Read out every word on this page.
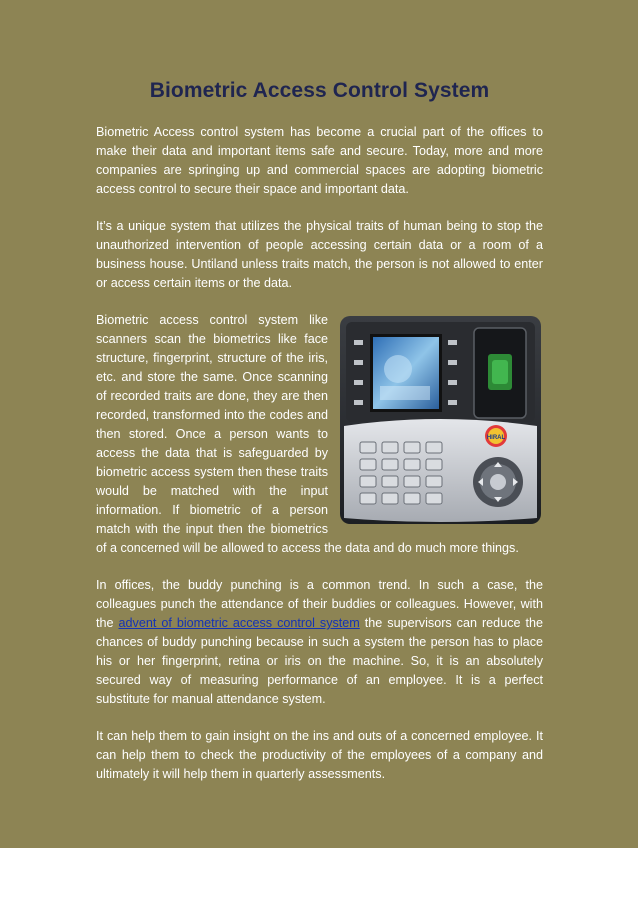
Biometric Access Control System

Biometric Access control system has become a crucial part of the offices to make their data and important items safe and secure. Today, more and more companies are springing up and commercial spaces are adopting biometric access control to secure their space and important data.

It’s a unique system that utilizes the physical traits of human being to stop the unauthorized intervention of people accessing certain data or a room of a business house. Untiland unless traits match, the person is not allowed to enter or access certain items or the data.

HIRAL

Biometric access control system like scanners scan the biometrics like face structure, fingerprint, structure of the iris, etc. and store the same. Once scanning of recorded traits are done, they are then recorded, transformed into the codes and then stored. Once a person wants to access the data that is safeguarded by biometric access system then these traits would be matched with the input information. If biometric of a person match with the input then the biometrics of a concerned will be allowed to access the data and do much more things.

In offices, the buddy punching is a common trend. In such a case, the colleagues punch the attendance of their buddies or colleagues. However, with the advent of biometric access control system the supervisors can reduce the chances of buddy punching because in such a system the person has to place his or her fingerprint, retina or iris on the machine. So, it is an absolutely secured way of measuring performance of an employee. It is a perfect substitute for manual attendance system.

It can help them to gain insight on the ins and outs of a concerned employee. It can help them to check the productivity of the employees of a company and ultimately it will help them in quarterly assessments.
